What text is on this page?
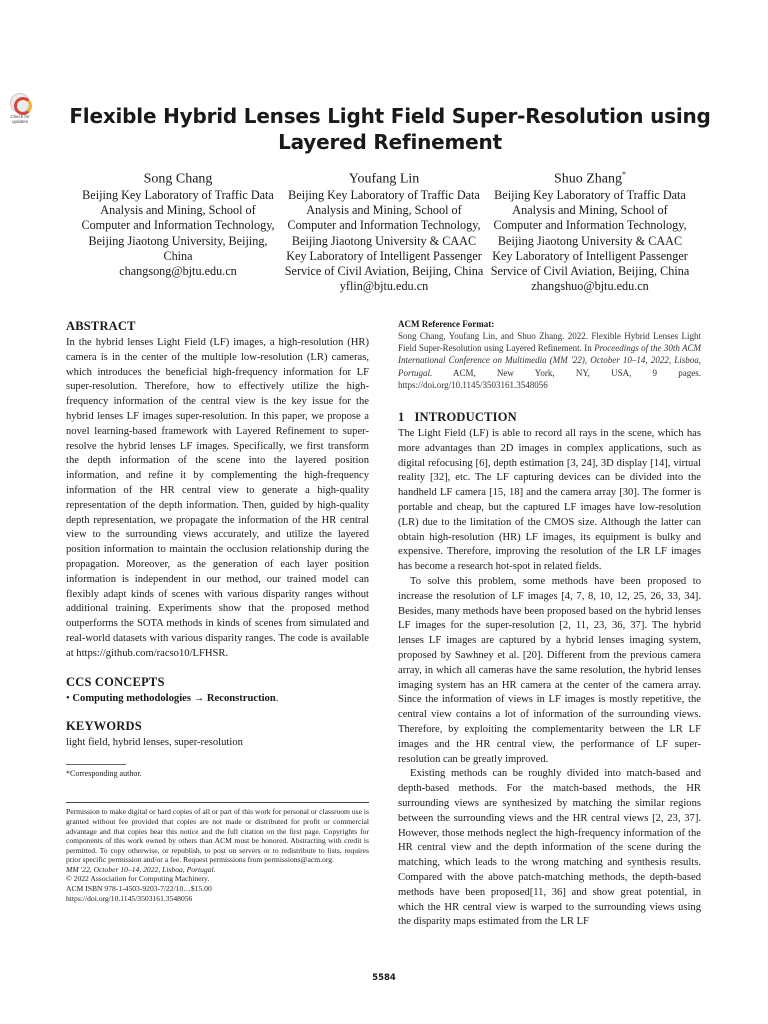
Check for updates	Flexible Hybrid Lenses Light Field Super-Resolution using Layered Refinement
Song Chang
Beijing Key Laboratory of Traffic Data Analysis and Mining, School of Computer and Information Technology, Beijing Jiaotong University, Beijing, China
changsong@bjtu.edu.cn
Youfang Lin
Beijing Key Laboratory of Traffic Data Analysis and Mining, School of Computer and Information Technology, Beijing Jiaotong University & CAAC Key Laboratory of Intelligent Passenger Service of Civil Aviation, Beijing, China
yflin@bjtu.edu.cn
Shuo Zhang*
Beijing Key Laboratory of Traffic Data Analysis and Mining, School of Computer and Information Technology, Beijing Jiaotong University & CAAC Key Laboratory of Intelligent Passenger Service of Civil Aviation, Beijing, China
zhangshuo@bjtu.edu.cn
ABSTRACT

In the hybrid lenses Light Field (LF) images, a high-resolution (HR) camera is in the center of the multiple low-resolution (LR) cameras, which introduces the beneficial high-frequency information for LF super-resolution. Therefore, how to effectively utilize the high-frequency information of the central view is the key issue for the hybrid lenses LF images super-resolution. In this paper, we propose a novel learning-based framework with Layered Refinement to super-resolve the hybrid lenses LF images. Specifically, we first transform the depth information of the scene into the layered position information, and refine it by complementing the high-frequency information of the HR central view to generate a high-quality representation of the depth information. Then, guided by high-quality depth representation, we propagate the information of the HR central view to the surrounding views accurately, and utilize the layered position information to maintain the occlusion relationship during the propagation. Moreover, as the generation of each layer position information is independent in our method, our trained model can flexibly adapt kinds of scenes with various disparity ranges without additional training. Experiments show that the proposed method outperforms the SOTA methods in kinds of scenes from simulated and real-world datasets with various disparity ranges. The code is available at https://github.com/racso10/LFHSR.

CCS CONCEPTS

• Computing methodologies → Reconstruction.

KEYWORDS

light field, hybrid lenses, super-resolution

*Corresponding author.

Permission to make digital or hard copies of all or part of this work for personal or classroom use is granted without fee provided that copies are not made or distributed for profit or commercial advantage and that copies bear this notice and the full citation on the first page. Copyrights for components of this work owned by others than ACM must be honored. Abstracting with credit is permitted. To copy otherwise, or republish, to post on servers or to redistribute to lists, requires prior specific permission and/or a fee. Request permissions from permissions@acm.org.

MM '22, October 10–14, 2022, Lisboa, Portugal.

© 2022 Association for Computing Machinery.

ACM ISBN 978-1-4503-9203-7/22/10…$15.00

https://doi.org/10.1145/3503161.3548056

ACM Reference Format:

Song Chang, Youfang Lin, and Shuo Zhang. 2022. Flexible Hybrid Lenses Light Field Super-Resolution using Layered Refinement. In Proceedings of the 30th ACM International Conference on Multimedia (MM '22), October 10–14, 2022, Lisboa, Portugal. ACM, New York, NY, USA, 9 pages. https://doi.org/10.1145/3503161.3548056

1 INTRODUCTION

The Light Field (LF) is able to record all rays in the scene, which has more advantages than 2D images in complex applications, such as digital refocusing [6], depth estimation [3, 24], 3D display [14], virtual reality [32], etc. The LF capturing devices can be divided into the handheld LF camera [15, 18] and the camera array [30]. The former is portable and cheap, but the captured LF images have low-resolution (LR) due to the limitation of the CMOS size. Although the latter can obtain high-resolution (HR) LF images, its equipment is bulky and expensive. Therefore, improving the resolution of the LR LF images has become a research hot-spot in related fields.

To solve this problem, some methods have been proposed to increase the resolution of LF images [4, 7, 8, 10, 12, 25, 26, 33, 34]. Besides, many methods have been proposed based on the hybrid lenses LF images for the super-resolution [2, 11, 23, 36, 37]. The hybrid lenses LF images are captured by a hybrid lenses imaging system, proposed by Sawhney et al. [20]. Different from the previous camera array, in which all cameras have the same resolution, the hybrid lenses imaging system has an HR camera at the center of the camera array. Since the information of views in LF images is mostly repetitive, the central view contains a lot of information of the surrounding views. Therefore, by exploiting the complementarity between the LR LF images and the HR central view, the performance of LF super-resolution can be greatly improved.

Existing methods can be roughly divided into match-based and depth-based methods. For the match-based methods, the HR surrounding views are synthesized by matching the similar regions between the surrounding views and the HR central views [2, 23, 37]. However, those methods neglect the high-frequency information of the HR central view and the depth information of the scene during the matching, which leads to the wrong matching and synthesis results. Compared with the above patch-matching methods, the depth-based methods have been proposed[11, 36] and show great potential, in which the HR central view is warped to the surrounding views using the disparity maps estimated from the LR LF

5584
